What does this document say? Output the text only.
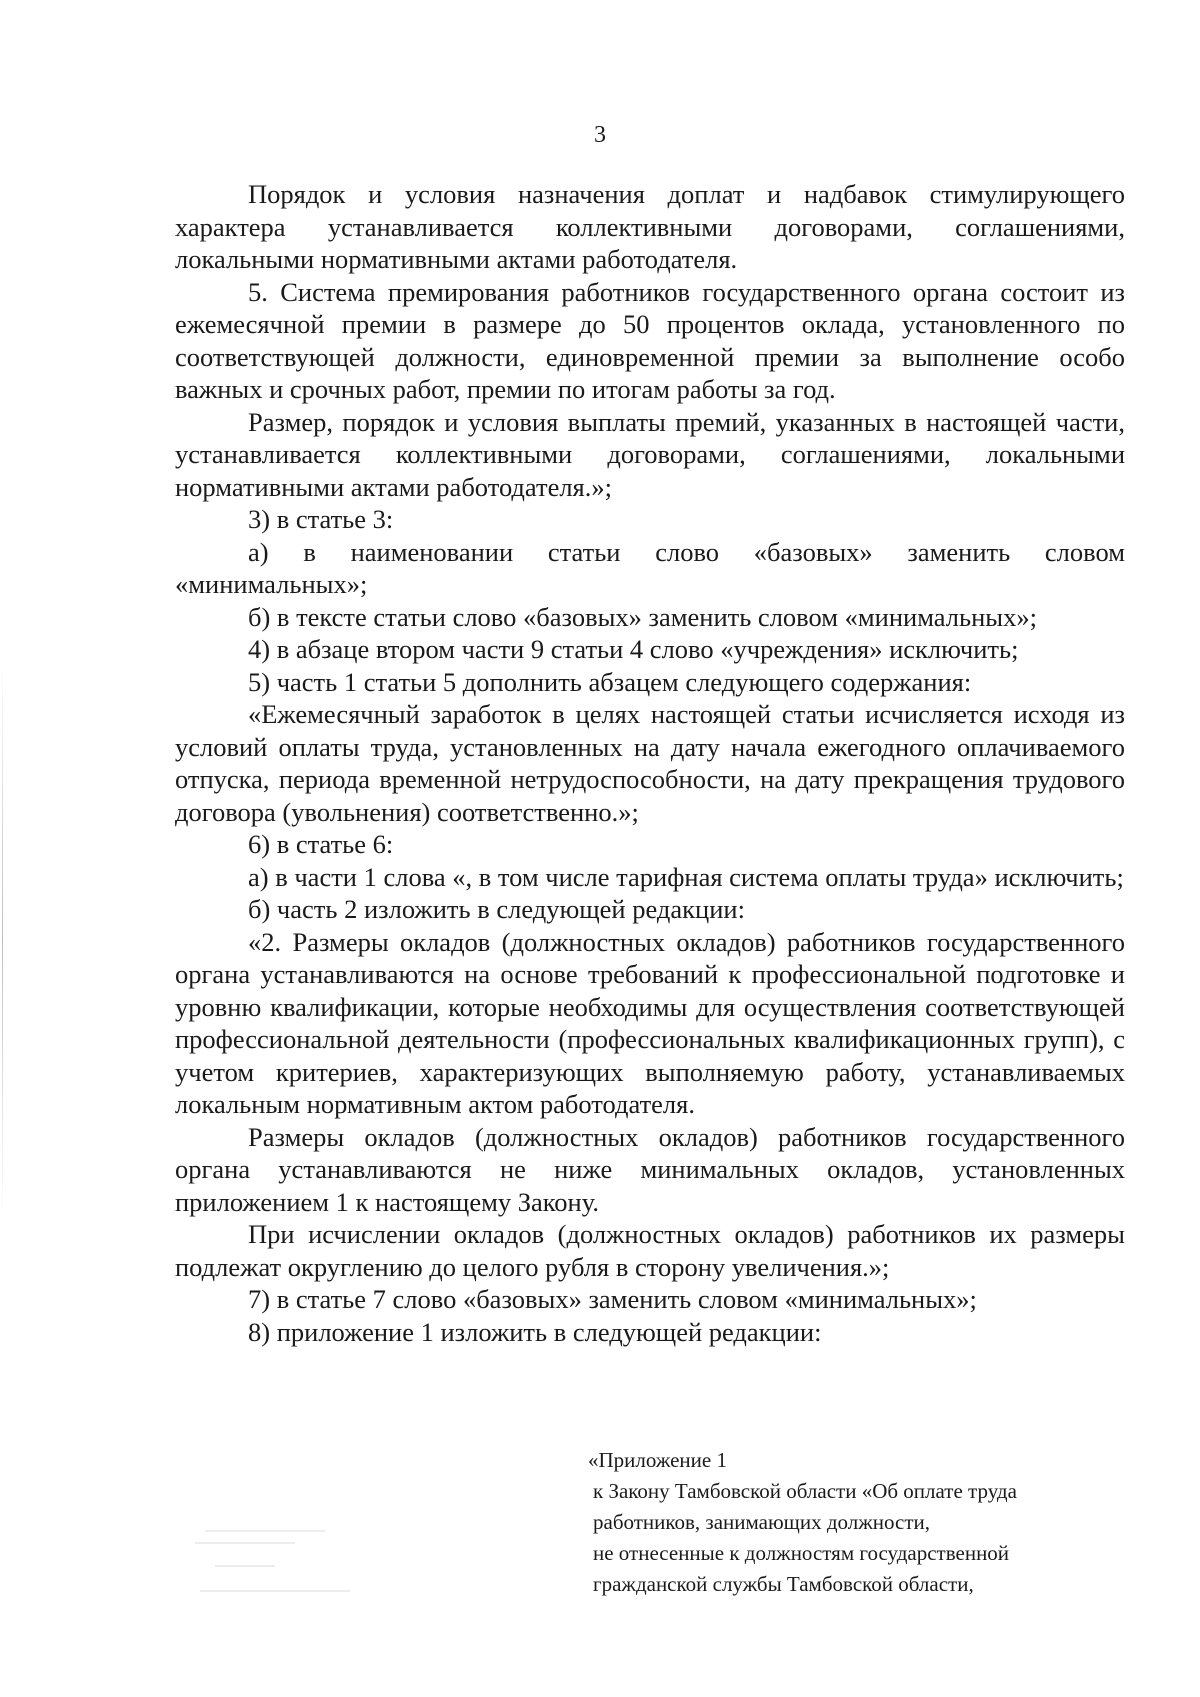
3

Порядок и условия назначения доплат и надбавок стимулирующего характера устанавливается коллективными договорами, соглашениями, локальными нормативными актами работодателя.

5. Система премирования работников государственного органа состоит из ежемесячной премии в размере до 50 процентов оклада, установленного по соответствующей должности, единовременной премии за выполнение особо важных и срочных работ, премии по итогам работы за год.

Размер, порядок и условия выплаты премий, указанных в настоящей части, устанавливается коллективными договорами, соглашениями, локальными нормативными актами работодателя.»;

3) в статье 3:

а) в наименовании статьи слово «базовых» заменить словом «минимальных»;

б) в тексте статьи слово «базовых» заменить словом «минимальных»;

4) в абзаце втором части 9 статьи 4 слово «учреждения» исключить;

5) часть 1 статьи 5 дополнить абзацем следующего содержания:

«Ежемесячный заработок в целях настоящей статьи исчисляется исходя из условий оплаты труда, установленных на дату начала ежегодного оплачиваемого отпуска, периода временной нетрудоспособности, на дату прекращения трудового договора (увольнения) соответственно.»;

6) в статье 6:

а) в части 1 слова «, в том числе тарифная система оплаты труда» исключить;

б) часть 2 изложить в следующей редакции:

«2. Размеры окладов (должностных окладов) работников государственного органа устанавливаются на основе требований к профессиональной подготовке и уровню квалификации, которые необходимы для осуществления соответствующей профессиональной деятельности (профессиональных квалификационных групп), с учетом критериев, характеризующих выполняемую работу, устанавливаемых локальным нормативным актом работодателя.

Размеры окладов (должностных окладов) работников государственного органа устанавливаются не ниже минимальных окладов, установленных приложением 1 к настоящему Закону.

При исчислении окладов (должностных окладов) работников их размеры подлежат округлению до целого рубля в сторону увеличения.»;

7) в статье 7 слово «базовых» заменить словом «минимальных»;

8) приложение 1 изложить в следующей редакции:

«Приложение 1
к Закону Тамбовской области «Об оплате труда
работников, занимающих должности,
не отнесенные к должностям государственной
гражданской службы Тамбовской области,
